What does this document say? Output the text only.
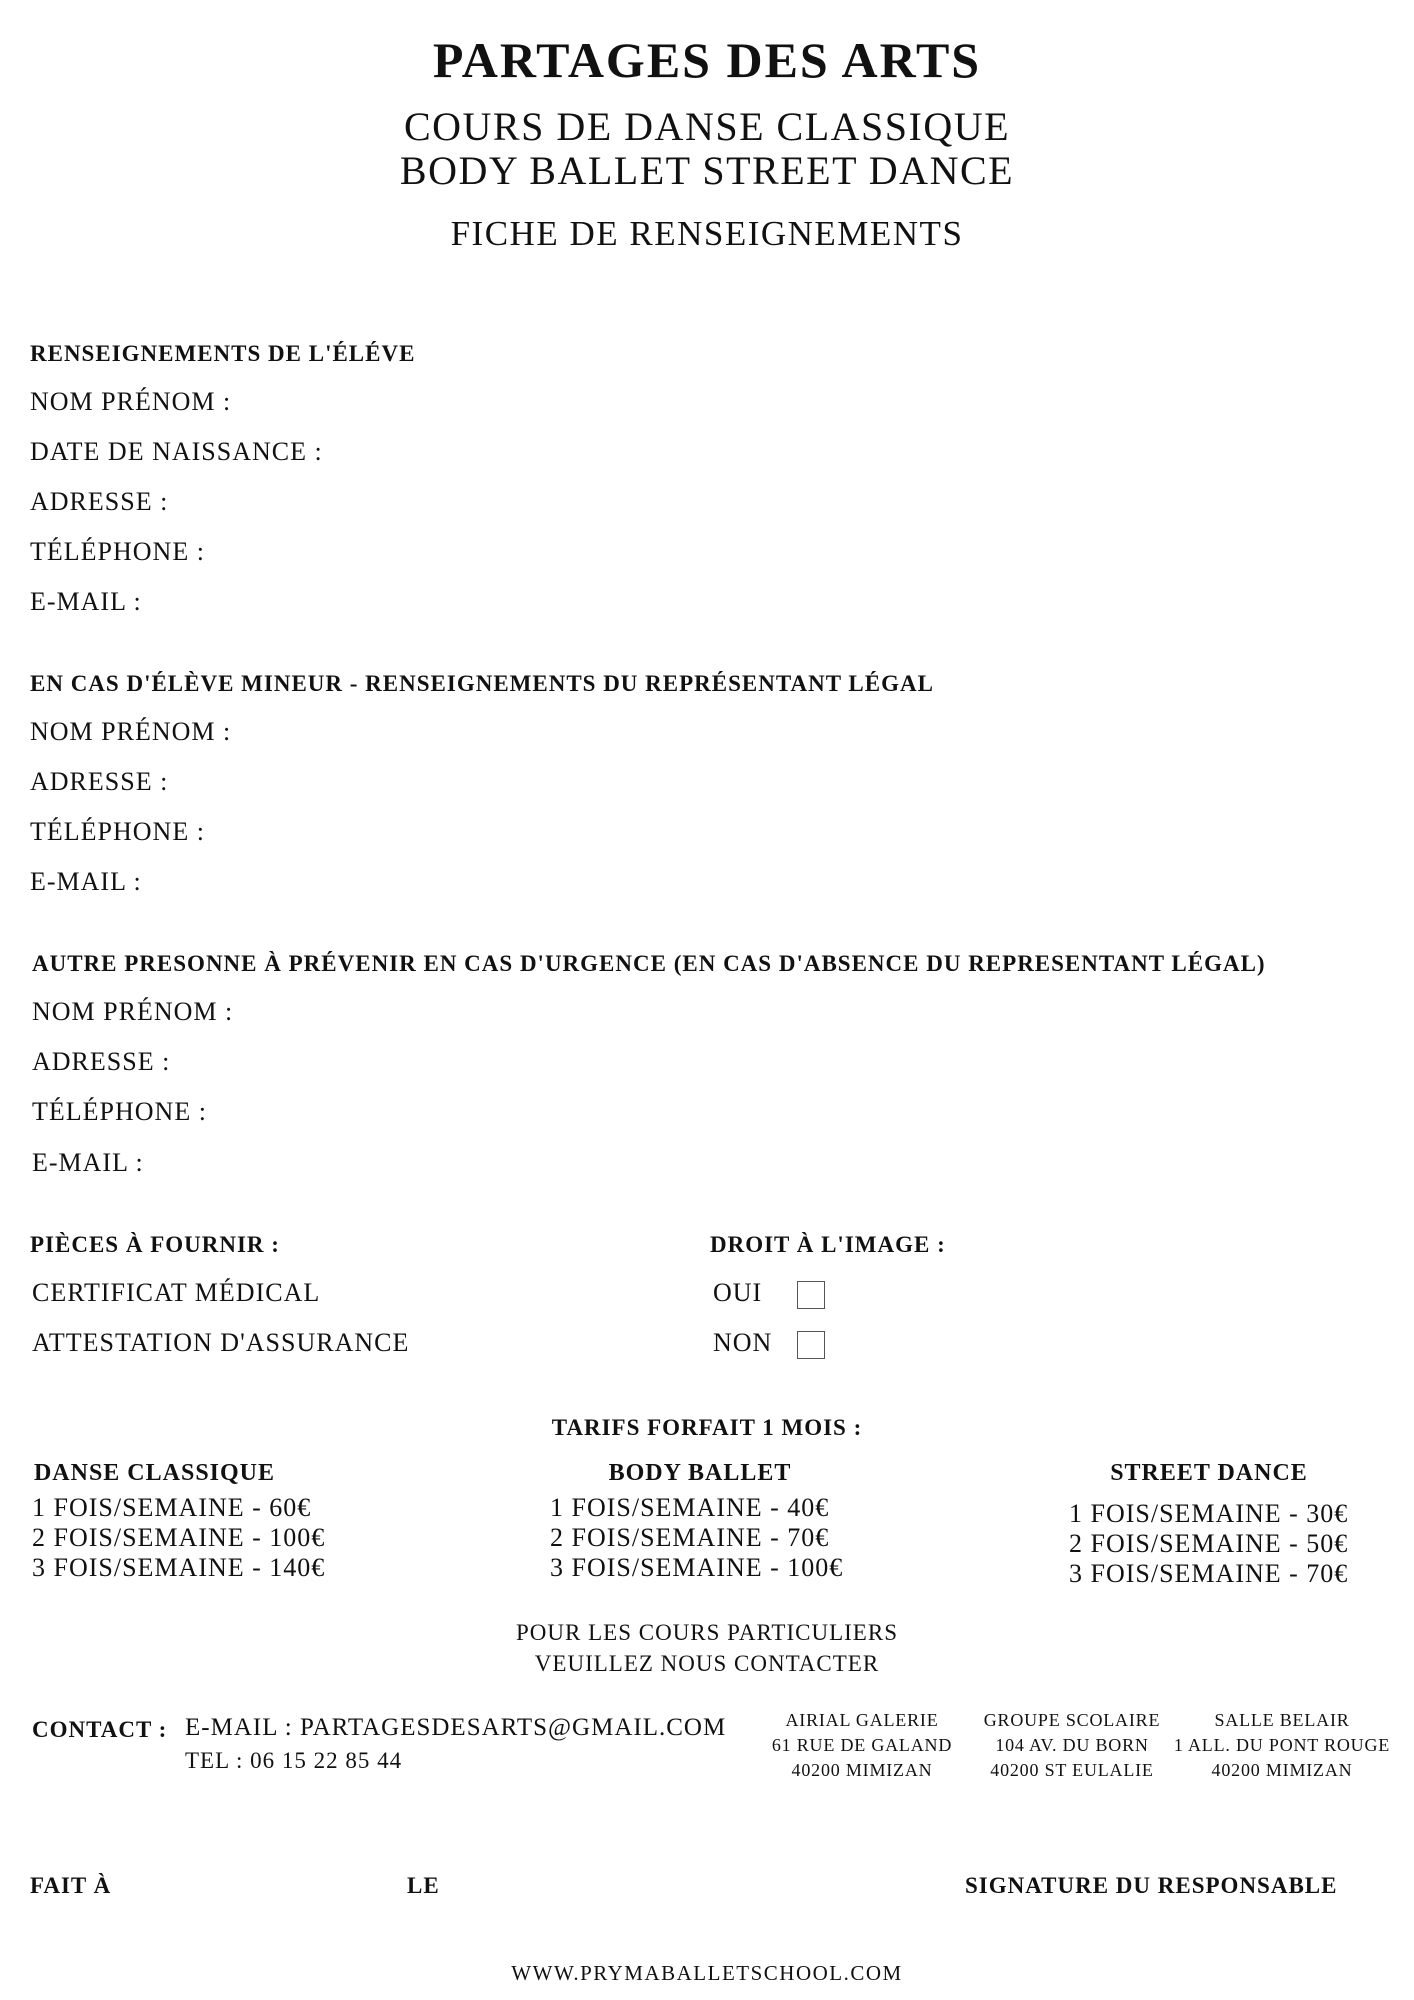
PARTAGES DES ARTS
COURS DE DANSE CLASSIQUE
BODY BALLET STREET DANCE
FICHE DE RENSEIGNEMENTS
RENSEIGNEMENTS DE L'ÉLÉVE
NOM PRÉNOM :
DATE DE NAISSANCE :
ADRESSE :
TÉLÉPHONE :
E-MAIL :
EN CAS D'ÉLÈVE MINEUR - RENSEIGNEMENTS DU REPRÉSENTANT LÉGAL
NOM PRÉNOM :
ADRESSE :
TÉLÉPHONE :
E-MAIL :
AUTRE PRESONNE À PRÉVENIR EN CAS D'URGENCE (EN CAS D'ABSENCE DU REPRESENTANT LÉGAL)
NOM PRÉNOM :
ADRESSE :
TÉLÉPHONE :
E-MAIL :
PIÈCES À FOURNIR :
CERTIFICAT MÉDICAL
ATTESTATION D'ASSURANCE
DROIT À L'IMAGE :
OUI
NON
TARIFS FORFAIT 1 MOIS :
DANSE CLASSIQUE
1 FOIS/SEMAINE - 60€
2 FOIS/SEMAINE - 100€
3 FOIS/SEMAINE - 140€
BODY BALLET
1 FOIS/SEMAINE - 40€
2 FOIS/SEMAINE - 70€
3 FOIS/SEMAINE - 100€
STREET DANCE
1 FOIS/SEMAINE - 30€
2 FOIS/SEMAINE - 50€
3 FOIS/SEMAINE - 70€
POUR LES COURS PARTICULIERS
VEUILLEZ NOUS CONTACTER
CONTACT : E-MAIL : PARTAGESDESARTS@GMAIL.COM
TEL : 06 15 22 85 44
AIRIAL GALERIE
61 RUE DE GALAND
40200 MIMIZAN
GROUPE SCOLAIRE
104 AV. DU BORN
40200 ST EULALIE
SALLE BELAIR
1 ALL. DU PONT ROUGE
40200 MIMIZAN
FAIT À	LE	SIGNATURE DU RESPONSABLE
WWW.PRYMABALLETSCHOOL.COM
